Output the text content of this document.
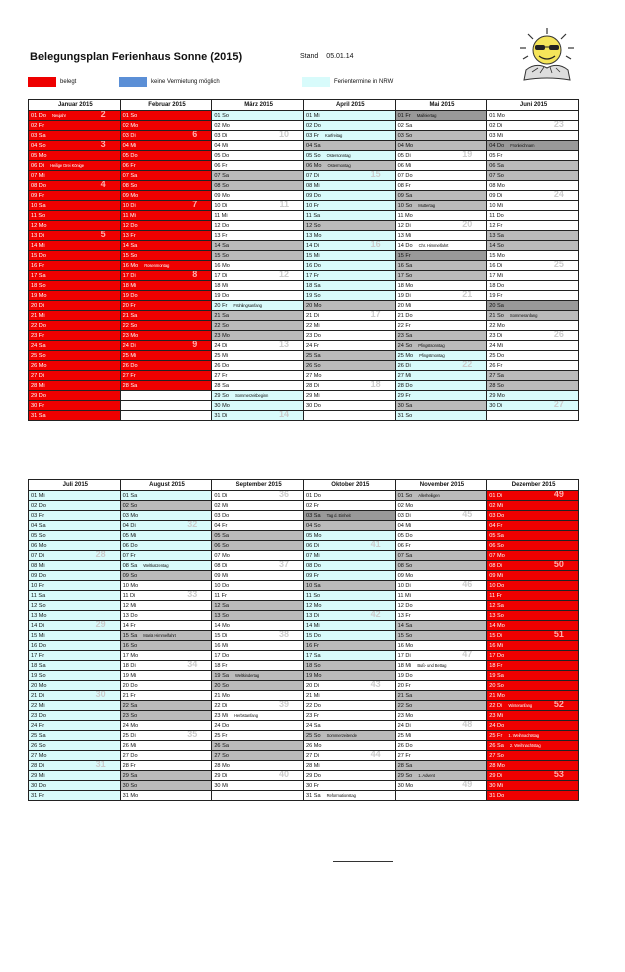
Belegungsplan Ferienhaus Sonne (2015)	Stand 05.01.14
belegt	keine Vermietung möglich	Ferientermine in NRW
Januar 2015	Februar 2015	März 2015	April 2015	Mai 2015	Juni 2015
01 Do Neujahr 2	01 So	01 So	01 Mi	01 Fr Maifeiertag	01 Mo
02 Fr	02 Mo	02 Mo	02 Do	02 Sa	02 Di 23

03 Sa	03 Di 6	03 Di 10	03 Fr Karfreitag	03 So	03 Mi
04 So 3	04 Mi	04 Mi	04 Sa	04 Mo	04 Do Fronleichnam
05 Mo	05 Do	05 Do	05 So Ostersonntag	05 Di 19	05 Fr
06 Di Heilige Drei Könige	06 Fr	06 Fr	06 Mo Ostermontag	06 Mi	06 Sa
07 Mi	07 Sa	07 Sa	07 Di 15	07 Do	07 So
08 Do 4	08 So	08 So	08 Mi	08 Fr	08 Mo
09 Fr	09 Mo	09 Mo	09 Do	09 Sa	09 Di 24

10 Sa	10 Di 7	10 Di 11	10 Fr	10 So Muttertag	10 Mi
11 So	11 Mi	11 Mi	11 Sa	11 Mo	11 Do
12 Mo	12 Do	12 Do	12 So	12 Di 20	12 Fr
13 Di 5	13 Fr	13 Fr	13 Mo	13 Mi	13 Sa
14 Mi	14 Sa	14 Sa	14 Di 16	14 Do Chr. Himmelfahrt	14 So
15 Do	15 So	15 So	15 Mi	15 Fr	15 Mo
16 Fr	16 Mo Rosenmontag	16 Mo	16 Do	16 Sa	16 Di 25

17 Sa	17 Di 8	17 Di 12	17 Fr	17 So	17 Mi
18 So	18 Mi	18 Mi	18 Sa	18 Mo	18 Do
19 Mo	19 Do	19 Do	19 So	19 Di 21	19 Fr
20 Di	20 Fr	20 Fr Frühlingsanfang	20 Mo	20 Mi	20 Sa
21 Mi	21 Sa	21 Sa	21 Di 17	21 Do	21 So Sommeranfang
22 Do	22 So	22 So	22 Mi	22 Fr	22 Mo
23 Fr	23 Mo	23 Mo	23 Do	23 Sa	23 Di 26

24 Sa	24 Di 9	24 Di 13	24 Fr	24 So Pfingstsonntag	24 Mi
25 So	25 Mi	25 Mi	25 Sa	25 Mo Pfingstmontag	25 Do
26 Mo	26 Do	26 Do	26 So	26 Di 22	26 Fr
27 Di	27 Fr	27 Fr	27 Mo	27 Mi	27 Sa
28 Mi	28 Sa	28 Sa	28 Di 18	28 Do	28 So
29 Do		29 So Sommerzeitbeginn	29 Mi	29 Fr	29 Mo
30 Fr		30 Mo	30 Do	30 Sa	30 Di 27

31 Sa		31 Di 14		31 So	
Juli 2015	August 2015	September 2015	Oktober 2015	November 2015	Dezember 2015
01 Mi	01 Sa	01 Di 36	01 Do	01 So Allerheiligen	01 Di 49

02 Do	02 So	02 Mi	02 Fr	02 Mo	02 Mi
03 Fr	03 Mo	03 Do	03 Sa Tag d. Einheit	03 Di 45	03 Do
04 Sa	04 Di 32	04 Fr	04 So	04 Mi	04 Fr
05 So	05 Mi	05 Sa	05 Mo	05 Do	05 Sa
06 Mo	06 Do	06 So	06 Di 41	06 Fr	06 So
07 Di 28	07 Fr	07 Mo	07 Mi	07 Sa	07 Mo
08 Mi	08 Sa Weltkatzentag	08 Di 37	08 Do	08 So	08 Di 50

09 Do	09 So	09 Mi	09 Fr	09 Mo	09 Mi
10 Fr	10 Mo	10 Do	10 Sa	10 Di 46	10 Do
11 Sa	11 Di 33	11 Fr	11 So	11 Mi	11 Fr
12 So	12 Mi	12 Sa	12 Mo	12 Do	12 Sa
13 Mo	13 Do	13 So	13 Di 42	13 Fr	13 So
14 Di 29	14 Fr	14 Mo	14 Mi	14 Sa	14 Mo
15 Mi	15 Sa Mariä Himmelfahrt	15 Di 38	15 Do	15 So	15 Di 51

16 Do	16 So	16 Mi	16 Fr	16 Mo	16 Mi
17 Fr	17 Mo	17 Do	17 Sa	17 Di 47	17 Do
18 Sa	18 Di 34	18 Fr	18 So	18 Mi Buß- und Bettag	18 Fr
19 So	19 Mi	19 Sa Weltkindertag	19 Mo	19 Do	19 Sa
20 Mo	20 Do	20 So	20 Di 43	20 Fr	20 So
21 Di 30	21 Fr	21 Mo	21 Mi	21 Sa	21 Mo
22 Mi	22 Sa	22 Di 39	22 Do	22 So	22 Di Winteranfang 52

23 Do	23 So	23 Mi Herbstanfang	23 Fr	23 Mo	23 Mi
24 Fr	24 Mo	24 Do	24 Sa	24 Di 48	24 Do
25 Sa	25 Di 35	25 Fr	25 So Sommerzeitende	25 Mi	25 Fr 1. Weihnachtstag
26 So	26 Mi	26 Sa	26 Mo	26 Do	26 Sa 2. Weihnachtstag
27 Mo	27 Do	27 So	27 Di 44	27 Fr	27 So
28 Di 31	28 Fr	28 Mo	28 Mi	28 Sa	28 Mo
29 Mi	29 Sa	29 Di 40	29 Do	29 So 1. Advent	29 Di 53

30 Do	30 So	30 Mi	30 Fr	30 Mo 49	30 Mi
31 Fr	31 Mo		31 Sa Reformationstag		31 Do
